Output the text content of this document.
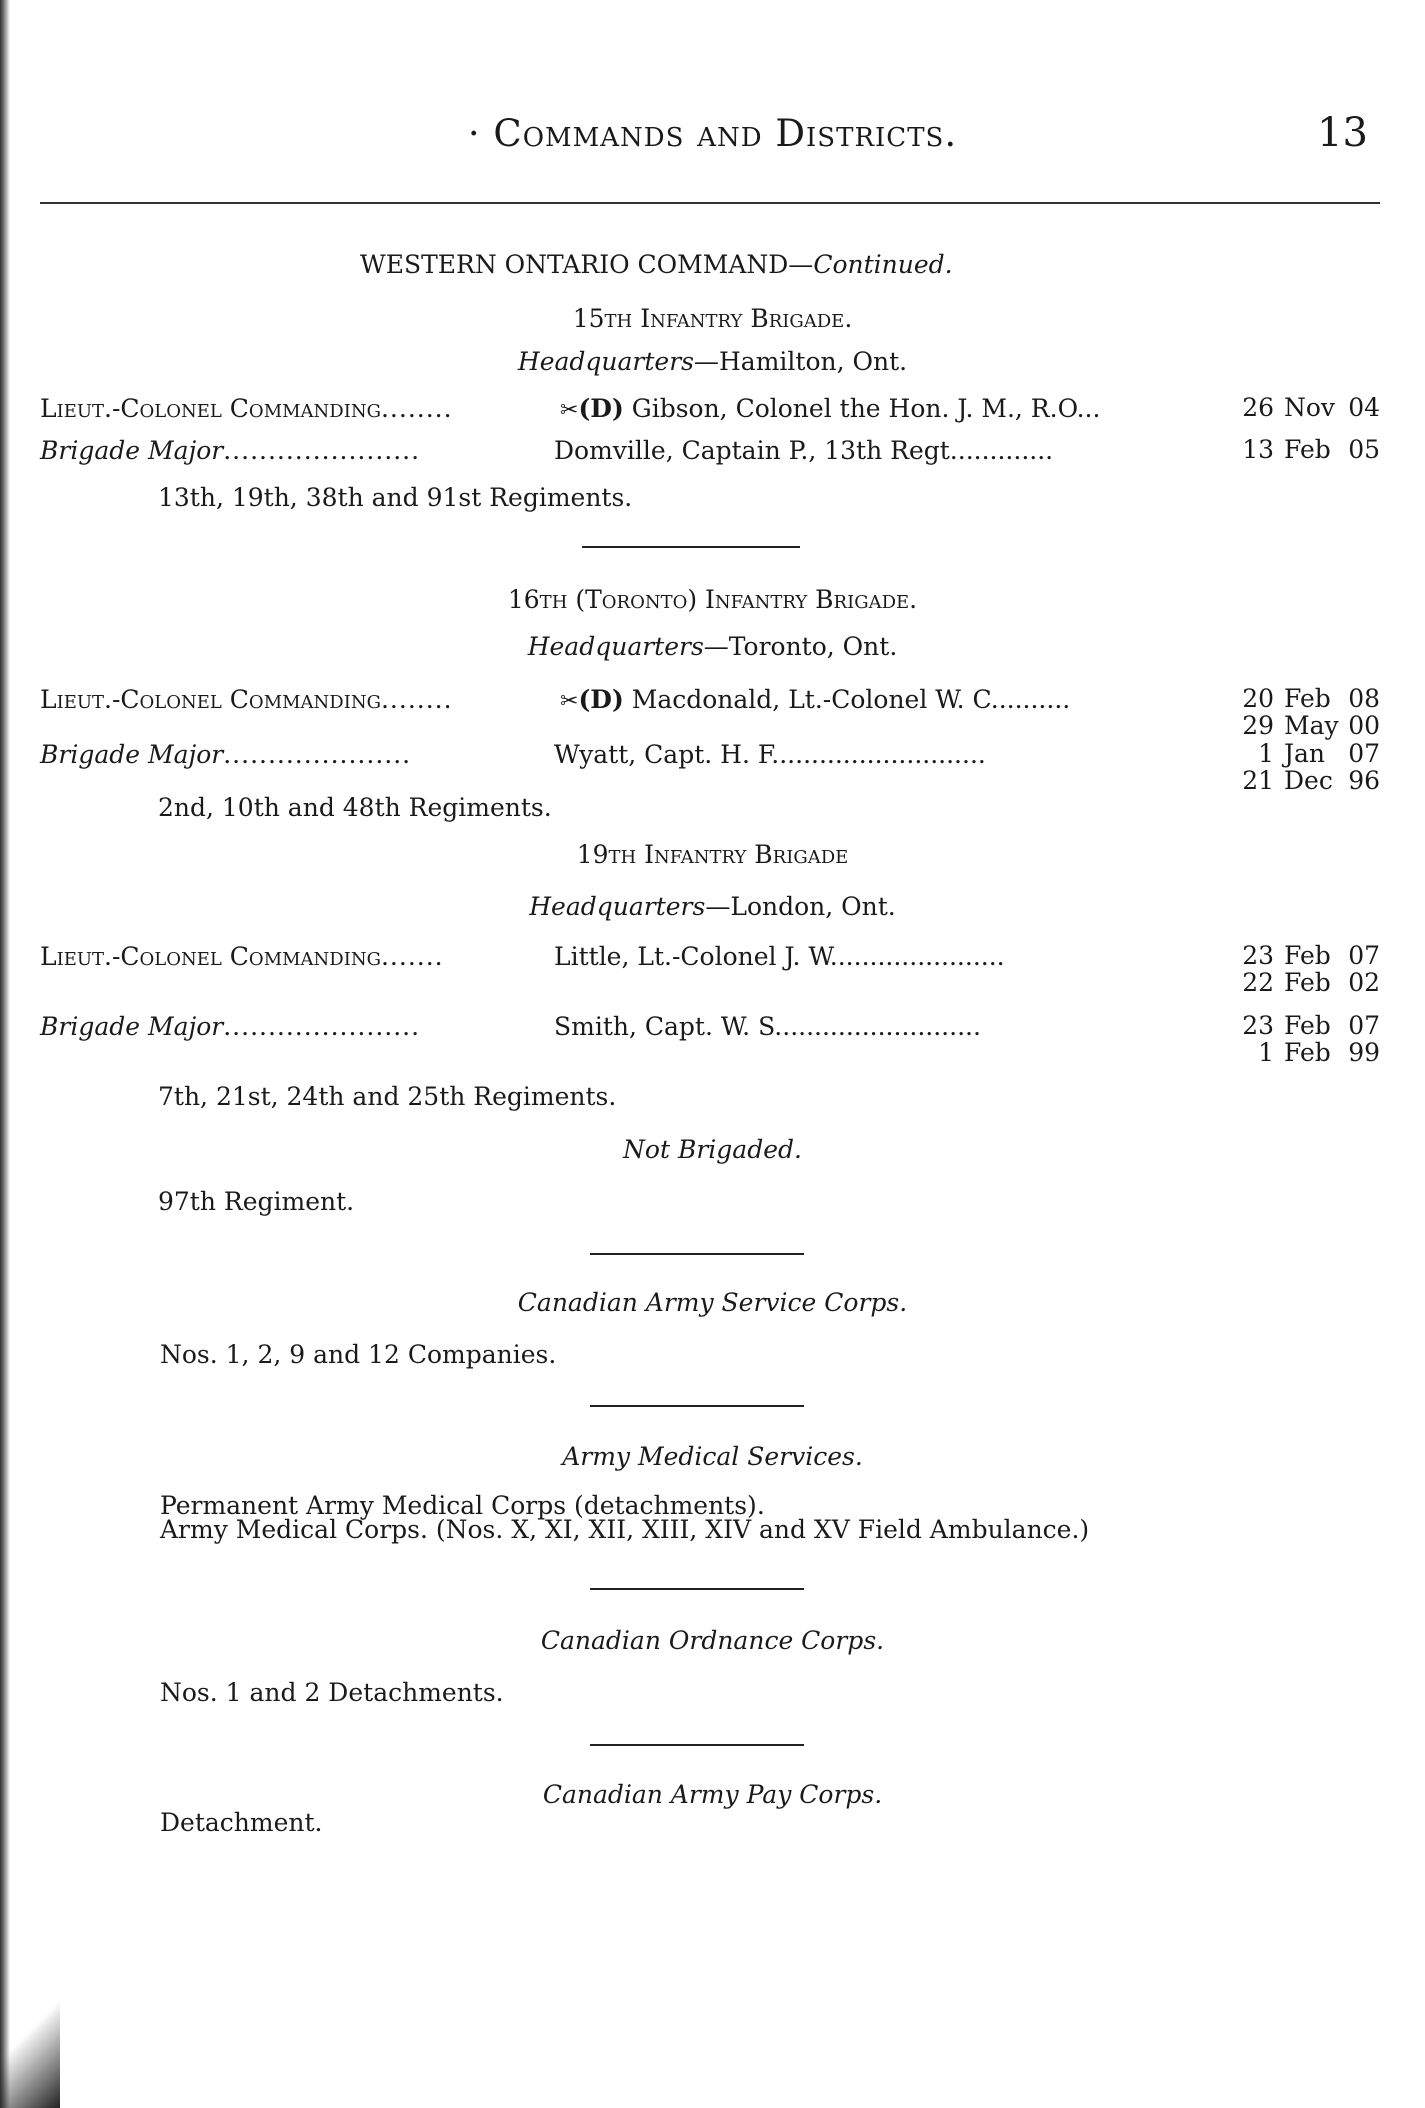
· Commands and Districts.	13
WESTERN ONTARIO COMMAND—Continued.
15th Infantry Brigade.
Headquarters—Hamilton, Ont.
Lieut.-Colonel Commanding........	✂(D) Gibson, Colonel the Hon. J. M., R.O...	26 Nov 04
Brigade Major......................	Domville, Captain P., 13th Regt.............	13 Feb 05
13th, 19th, 38th and 91st Regiments.
16th (Toronto) Infantry Brigade.
Headquarters—Toronto, Ont.
Lieut.-Colonel Commanding........	✂(D) Macdonald, Lt.-Colonel W. C..........	20 Feb 08
29 May 00
Brigade Major.....................	Wyatt, Capt. H. F...........................	1 Jan 07
21 Dec 96
2nd, 10th and 48th Regiments.
19th Infantry Brigade
Headquarters—London, Ont.
Lieut.-Colonel Commanding.......	Little, Lt.-Colonel J. W......................	23 Feb 07
22 Feb 02
Brigade Major......................	Smith, Capt. W. S..........................	23 Feb 07
1 Feb 99
7th, 21st, 24th and 25th Regiments.
Not Brigaded.
97th Regiment.
Canadian Army Service Corps.
Nos. 1, 2, 9 and 12 Companies.
Army Medical Services.
Permanent Army Medical Corps (detachments).
Army Medical Corps. (Nos. X, XI, XII, XIII, XIV and XV Field Ambulance.)
Canadian Ordnance Corps.
Nos. 1 and 2 Detachments.
Canadian Army Pay Corps.
Detachment.
